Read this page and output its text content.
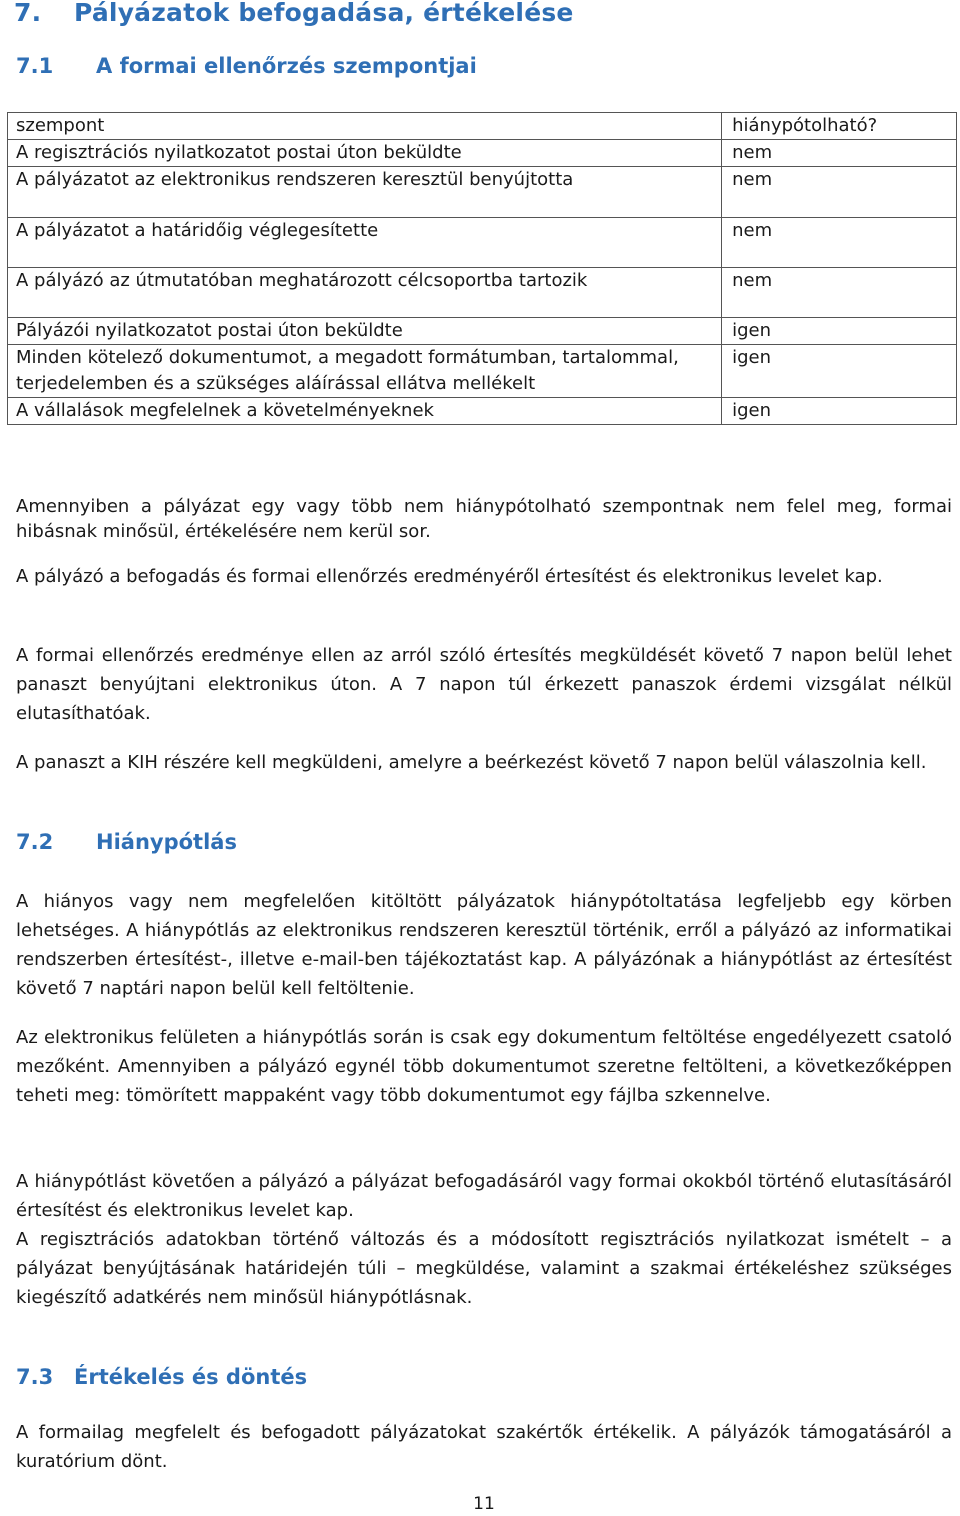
7. Pályázatok befogadása, értékelése
7.1 A formai ellenőrzés szempontjai
szempont	hiánypótolható?
A regisztrációs nyilatkozatot postai úton beküldte	nem
A pályázatot az elektronikus rendszeren keresztül benyújtotta	nem
A pályázatot a határidőig véglegesítette	nem
A pályázó az útmutatóban meghatározott célcsoportba tartozik	nem
Pályázói nyilatkozatot postai úton beküldte	igen

Minden kötelező dokumentumot, a megadott formátumban, tartalommal,
terjedelemben és a szükséges aláírással ellátva mellékelt	igen
A vállalások megfelelnek a követelményeknek	igen

Amennyiben a pályázat egy vagy több nem hiánypótolható szempontnak nem felel meg, formai hibásnak minősül, értékelésére nem kerül sor.

A pályázó a befogadás és formai ellenőrzés eredményéről értesítést és elektronikus levelet kap.

A formai ellenőrzés eredménye ellen az arról szóló értesítés megküldését követő 7 napon belül lehet panaszt benyújtani elektronikus úton. A 7 napon túl érkezett panaszok érdemi vizsgálat nélkül elutasíthatóak.

A panaszt a KIH részére kell megküldeni, amelyre a beérkezést követő 7 napon belül válaszolnia kell.

7.2 Hiánypótlás

A hiányos vagy nem megfelelően kitöltött pályázatok hiánypótoltatása legfeljebb egy körben lehetséges. A hiánypótlás az elektronikus rendszeren keresztül történik, erről a pályázó az informatikai rendszerben értesítést-, illetve e-mail-ben tájékoztatást kap. A pályázónak a hiánypótlást az értesítést követő 7 naptári napon belül kell feltöltenie.

Az elektronikus felületen a hiánypótlás során is csak egy dokumentum feltöltése engedélyezett csatoló mezőként. Amennyiben a pályázó egynél több dokumentumot szeretne feltölteni, a következőképpen teheti meg: tömörített mappaként vagy több dokumentumot egy fájlba szkennelve.

A hiánypótlást követően a pályázó a pályázat befogadásáról vagy formai okokból történő elutasításáról értesítést és elektronikus levelet kap.

A regisztrációs adatokban történő változás és a módosított regisztrációs nyilatkozat ismételt – a pályázat benyújtásának határidején túli – megküldése, valamint a szakmai értékeléshez szükséges kiegészítő adatkérés nem minősül hiánypótlásnak.

7.3 Értékelés és döntés

A formailag megfelelt és befogadott pályázatokat szakértők értékelik. A pályázók támogatásáról a kuratórium dönt.

11
